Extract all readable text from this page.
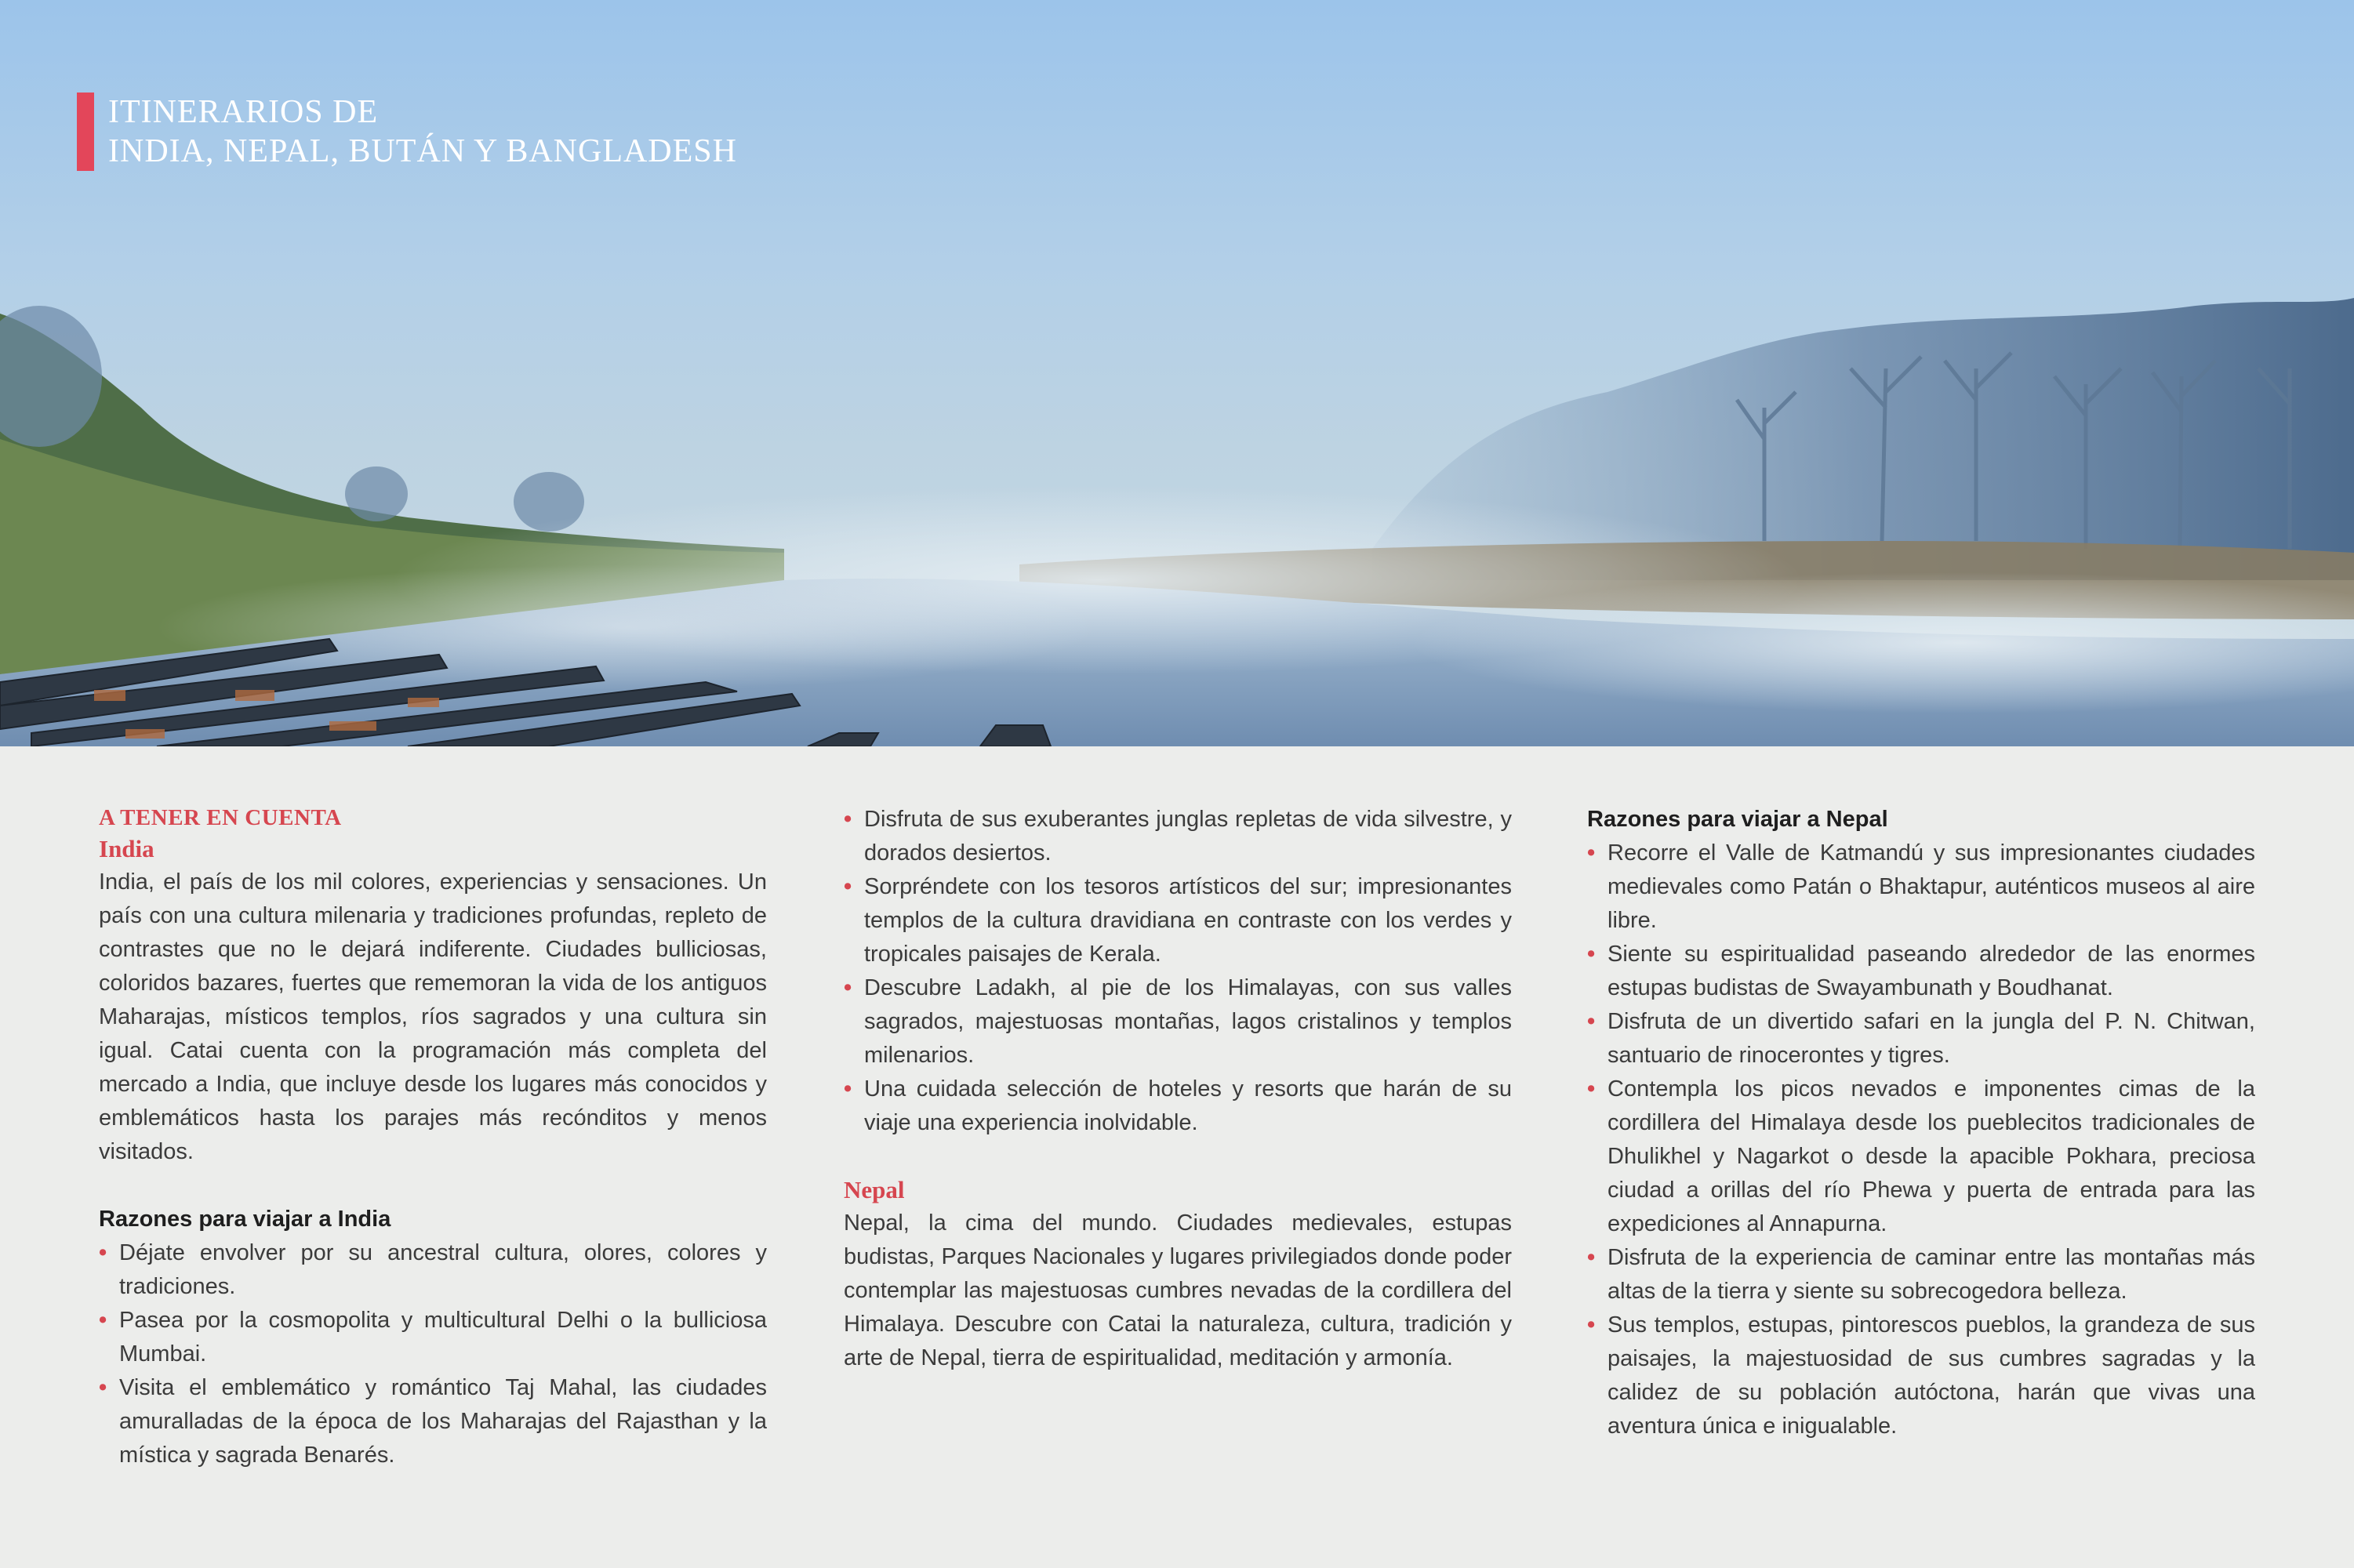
ITINERARIOS DE
INDIA, NEPAL, BUTÁN Y BANGLADESH
A TENER EN CUENTA
India
India, el país de los mil colores, experiencias y sensaciones. Un país con una cultura milenaria y tradiciones profundas, repleto de contrastes que no le dejará indiferente. Ciudades bulliciosas, coloridos bazares, fuertes que rememoran la vida de los antiguos Maharajas, místicos templos, ríos sagrados y una cultura sin igual. Catai cuenta con la programación más completa del mercado a India, que incluye desde los lugares más conocidos y emblemáticos hasta los parajes más recónditos y menos visitados.
Razones para viajar a India
• Déjate envolver por su ancestral cultura, olores, colores y tradiciones.
• Pasea por la cosmopolita y multicultural Delhi o la bulliciosa Mumbai.
• Visita el emblemático y romántico Taj Mahal, las ciudades amuralladas de la época de los Maharajas del Rajasthan y la mística y sagrada Benarés.
• Disfruta de sus exuberantes junglas repletas de vida silvestre, y dorados desiertos.
• Sorpréndete con los tesoros artísticos del sur; impresionantes templos de la cultura dravidiana en contraste con los verdes y tropicales paisajes de Kerala.
• Descubre Ladakh, al pie de los Himalayas, con sus valles sagrados, majestuosas montañas, lagos cristalinos y templos milenarios.
• Una cuidada selección de hoteles y resorts que harán de su viaje una experiencia inolvidable.
Nepal
Nepal, la cima del mundo. Ciudades medievales, estupas budistas, Parques Nacionales y lugares privilegiados donde poder contemplar las majestuosas cumbres nevadas de la cordillera del Himalaya. Descubre con Catai la naturaleza, cultura, tradición y arte de Nepal, tierra de espiritualidad, meditación y armonía.
Razones para viajar a Nepal
• Recorre el Valle de Katmandú y sus impresionantes ciudades medievales como Patán o Bhaktapur, auténticos museos al aire libre.
• Siente su espiritualidad paseando alrededor de las enormes estupas budistas de Swayambunath y Boudhanat.
• Disfruta de un divertido safari en la jungla del P. N. Chitwan, santuario de rinocerontes y tigres.
• Contempla los picos nevados e imponentes cimas de la cordillera del Himalaya desde los pueblecitos tradicionales de Dhulikhel y Nagarkot o desde la apacible Pokhara, preciosa ciudad a orillas del río Phewa y puerta de entrada para las expediciones al Annapurna.
• Disfruta de la experiencia de caminar entre las montañas más altas de la tierra y siente su sobrecogedora belleza.
• Sus templos, estupas, pintorescos pueblos, la grandeza de sus paisajes, la majestuosidad de sus cumbres sagradas y la calidez de su población autóctona, harán que vivas una aventura única e inigualable.
